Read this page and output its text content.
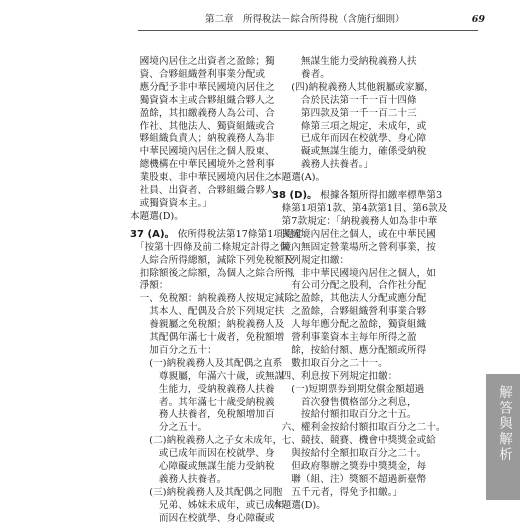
第二章　所得稅法－綜合所得稅（含施行細則）	69
　國境內居住之出資者之盈餘；獨
　資、合夥組織營利事業分配或
　應分配予非中華民國境內居住之
　獨資資本主或合夥組織合夥人之
　盈餘，其扣繳義務人為公司、合
　作社、其他法人、獨資組織或合
　夥組織負責人；納稅義務人為非
　中華民國境內居住之個人股東、
　總機構在中華民國境外之營利事
　業股東、非中華民國境內居住之
　社員、出資者、合夥組織合夥人
　或獨資資本主。」
本題選(D)。
37 (A)。 依所得稅法第17條第1項規定：
　「按第十四條及前二條規定計得之個
　人綜合所得總額，減除下列免稅額及
　扣除額後之綜額，為個人之綜合所得
　淨額：
　一、免稅額：納稅義務人按規定減除
　　其本人、配偶及合於下列規定扶
　　養親屬之免稅額；納稅義務人及
　　其配偶年滿七十歲者，免稅額增
　　加百分之五十：
　　(一)納稅義務人及其配偶之直系
　　　尊親屬，年滿六十歲，或無謀
　　　生能力，受納稅義務人扶養
　　　者。其年滿七十歲受納稅義
　　　務人扶養者，免稅額增加百
　　　分之五十。
　　(二)納稅義務人之子女未成年，
　　　或已成年而因在校就學、身
　　　心障礙或無謀生能力受納稅
　　　義務人扶養者。
　　(三)納稅義務人及其配偶之同胞
　　　兄弟、姊妹未成年，或已成年
　　　而因在校就學、身心障礙或
　　　無謀生能力受納稅義務人扶
　　　養者。
　　(四)納稅義務人其他親屬或家屬，
　　　合於民法第一千一百十四條
　　　第四款及第一千一百二十三
　　　條第三項之規定，未成年，或
　　　已成年而因在校就學、身心障
　　　礙或無謀生能力，確係受納稅
　　　義務人扶養者。」
本題選(A)。
38 (D)。 根據各類所得扣繳率標準第3
　條第1項第1款、第4款第1目、第6款及
　第7款規定：「納稅義務人如為非中華
　民國境內居住之個人，或在中華民國
　境內無固定營業場所之營利事業，按
　下列規定扣繳：
　一、非中華民國境內居住之個人，如
　　有公司分配之股利，合作社分配
　　之盈餘，其他法人分配或應分配
　　之盈餘，合夥組織營利事業合夥
　　人每年應分配之盈餘，獨資組織
　　營利事業資本主每年所得之盈
　　餘，按給付額、應分配額或所得
　　數扣取百分之二十一。
　四、利息按下列規定扣繳：
　　(一)短期票券到期兌償金額超過
　　　首次發售價格部分之利息，
　　　按給付額扣取百分之十五。
　六、權利金按給付額扣取百分之二十。
　七、競技、競賽、機會中獎獎金或給
　　與按給付全額扣取百分之二十。
　　但政府舉辦之獎券中獎獎金，每
　　聯（組、注）獎額不超過新臺幣
　　五千元者，得免予扣繳。」
本題選(D)。
解答與解析
